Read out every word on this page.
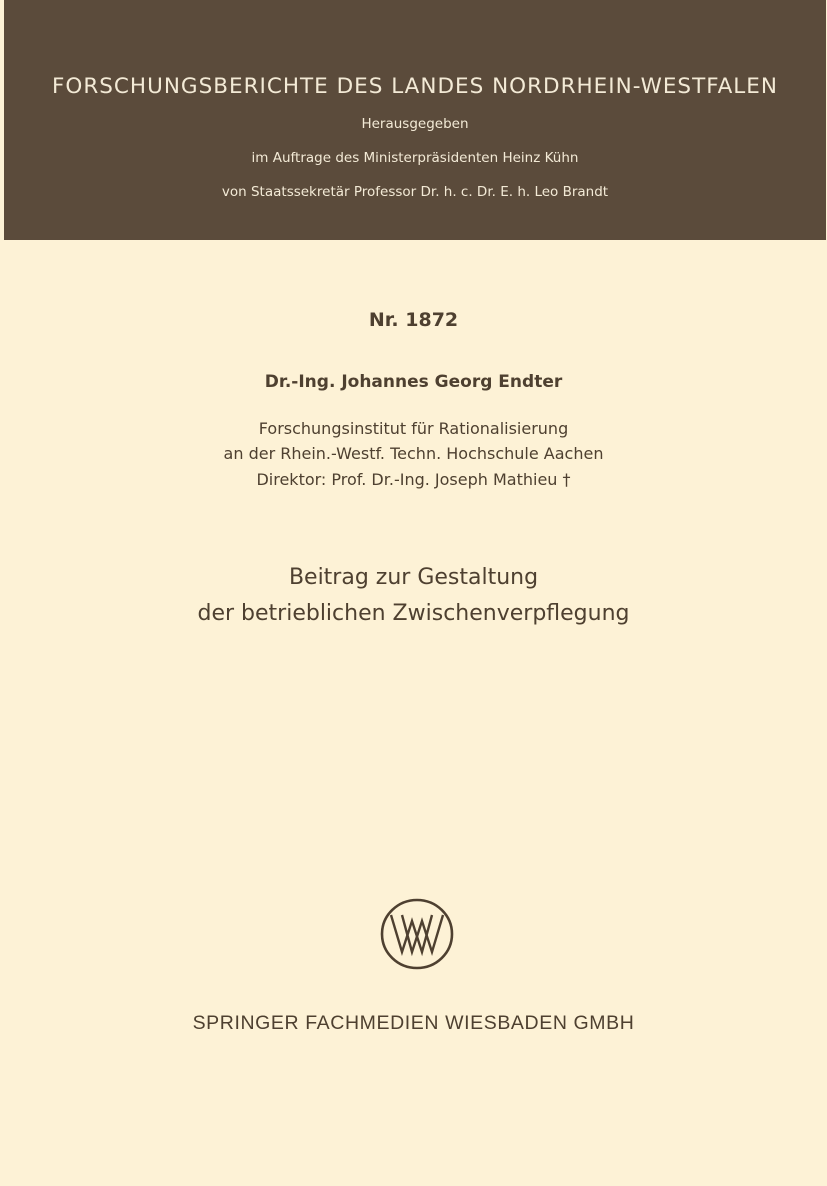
FORSCHUNGSBERICHTE DES LANDES NORDRHEIN-WESTFALEN
Herausgegeben
im Auftrage des Ministerpräsidenten Heinz Kühn
von Staatssekretär Professor Dr. h. c. Dr. E. h. Leo Brandt
Nr. 1872
Dr.-Ing. Johannes Georg Endter
Forschungsinstitut für Rationalisierung
an der Rhein.-Westf. Techn. Hochschule Aachen
Direktor: Prof. Dr.-Ing. Joseph Mathieu †
Beitrag zur Gestaltung
der betrieblichen Zwischenverpflegung
SPRINGER FACHMEDIEN WIESBADEN GMBH
